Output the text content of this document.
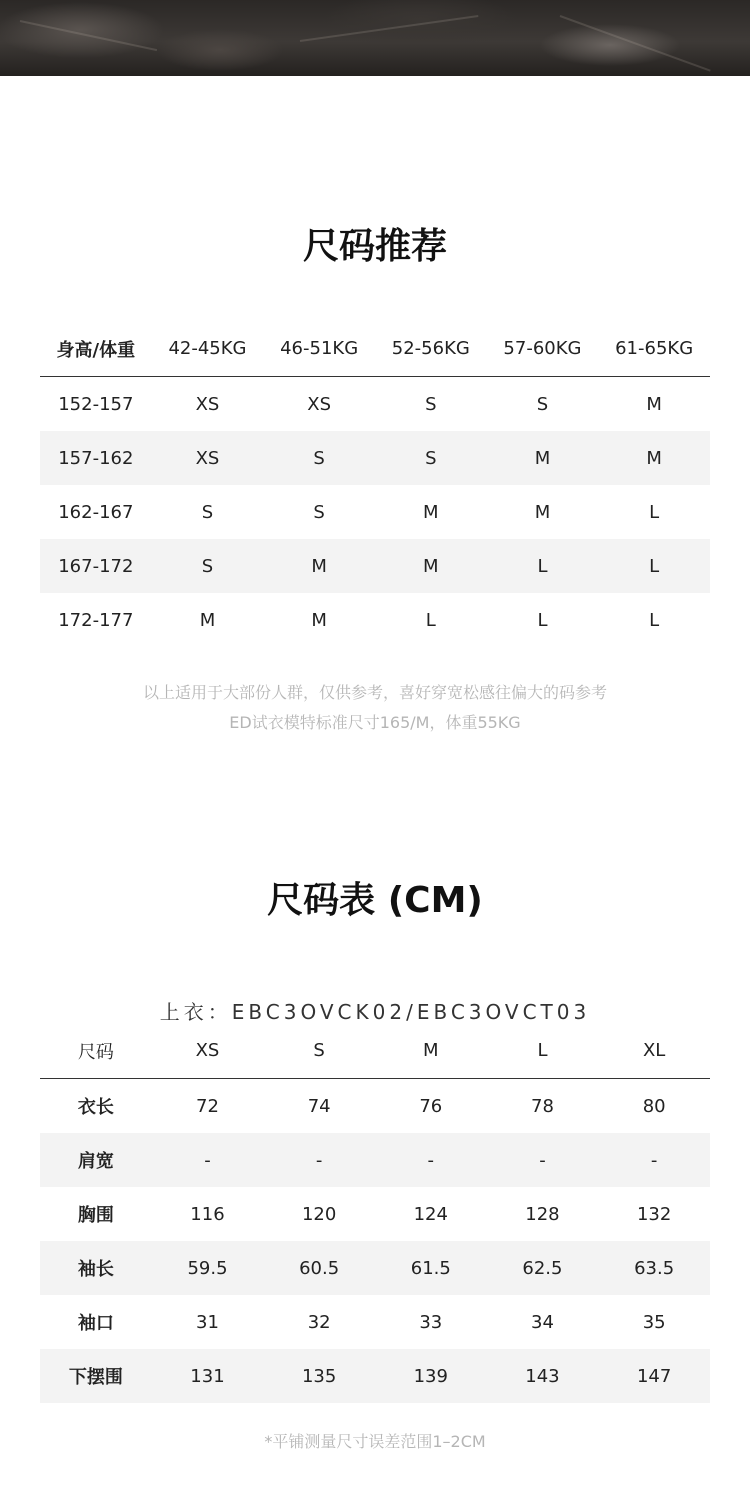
尺码推荐
身高/体重	42-45KG	46-51KG	52-56KG	57-60KG	61-65KG
152-157	XS	XS	S	S	M
157-162	XS	S	S	M	M
162-167	S	S	M	M	L
167-172	S	M	M	L	L
172-177	M	M	L	L	L
以上适用于大部份人群，仅供参考，喜好穿宽松感往偏大的码参考
ED试衣模特标准尺寸165/M，体重55KG
尺码表 (CM)
上衣：EBC3OVCK02/EBC3OVCT03
尺码	XS	S	M	L	XL
衣长	72	74	76	78	80
肩宽	-	-	-	-	-
胸围	116	120	124	128	132
袖长	59.5	60.5	61.5	62.5	63.5
袖口	31	32	33	34	35
下摆围	131	135	139	143	147
*平铺测量尺寸误差范围1–2CM
